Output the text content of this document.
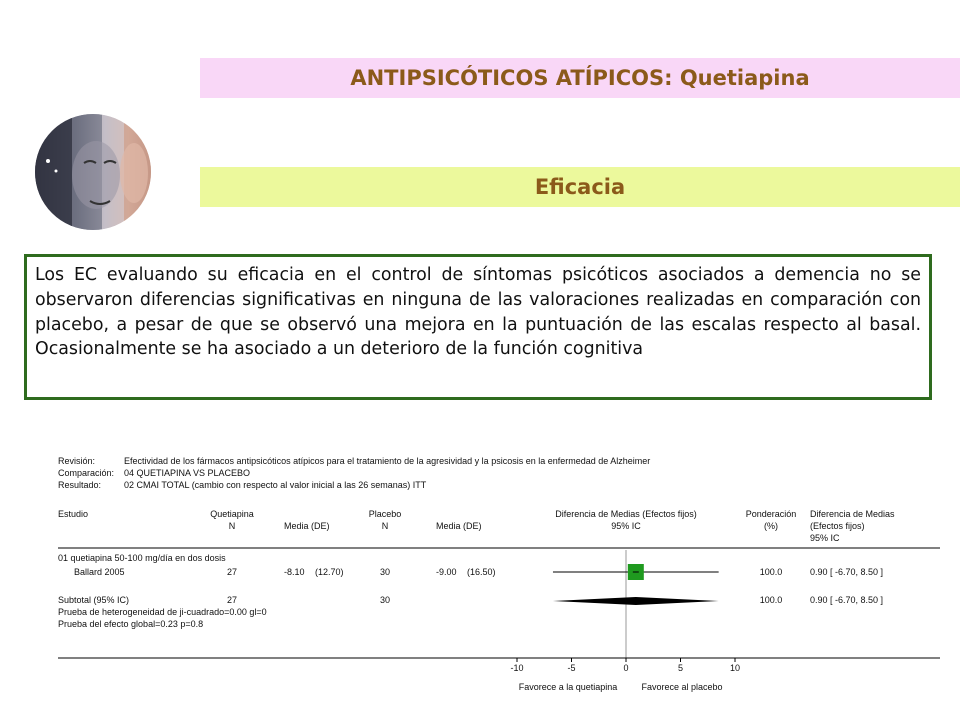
ANTIPSICÓTICOS ATÍPICOS: Quetiapina
Eficacia
Los EC evaluando su eficacia en el control de síntomas psicóticos asociados a demencia no se observaron diferencias significativas en ninguna de las valoraciones realizadas en comparación con placebo, a pesar de que se observó una mejora en la puntuación de las escalas respecto al basal. Ocasionalmente se ha asociado a un deterioro de la función cognitiva
Revisión:	Efectividad de los fármacos antipsicóticos atípicos para el tratamiento de la agresividad y la psicosis en la enfermedad de Alzheimer
Comparación: 04 QUETIAPINA VS PLACEBO
Resultado:	02 CMAI TOTAL (cambio con respecto al valor inicial a las 26 semanas) ITT
Estudio	Quetiapina
N	Media (DE)
Placebo
N	Media (DE)
Diferencia de Medias (Efectos fijos)
95% IC
Ponderación
(%)
Diferencia de Medias
(Efectos fijos)
95% IC
01 quetiapina 50-100 mg/día en dos dosis
Ballard 2005	27	-8.10 (12.70)	30	-9.00 (16.50)	100.0	0.90 [ -6.70, 8.50 ]
Subtotal (95% IC)	27	30	100.0	0.90 [ -6.70, 8.50 ]
Prueba de heterogeneidad de ji-cuadrado=0.00 gl=0
Prueba del efecto global=0.23 p=0.8
-10	-5	0	5	10
Favorece a la quetiapina	Favorece al placebo
